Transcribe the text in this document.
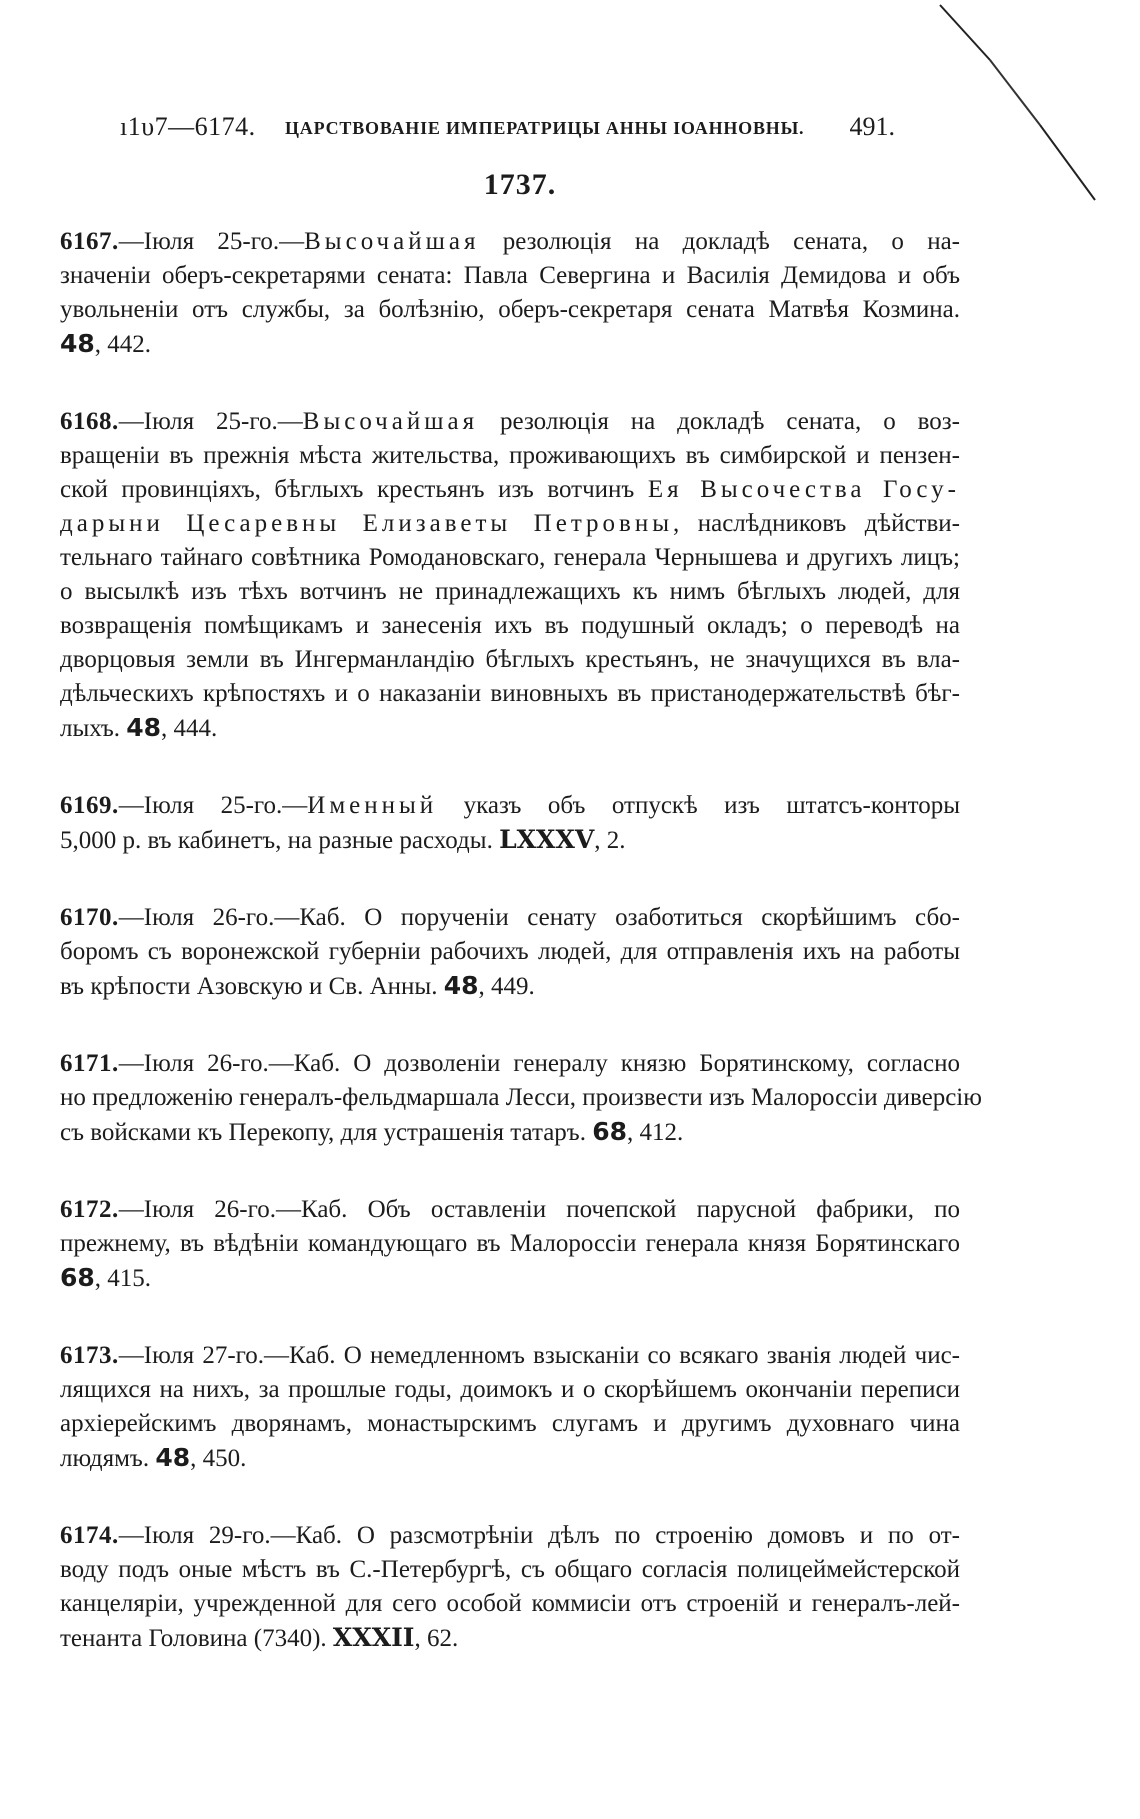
ı1υ7—6174. ЦАРСТВОВАНІЕ ИМПЕРАТРИЦЫ АННЫ ІОАННОВНЫ. 491.
1737.
6167.—Іюля 25-го.—Высочайшая резолюція на докладѣ сената, о на-
значеніи оберъ-секретарями сената: Павла Севергина и Василія Демидова и объ
увольненіи отъ службы, за болѣзнію, оберъ-секретаря сената Матвѣя Козмина.
48, 442.
6168.—Іюля 25-го.—Высочайшая резолюція на докладѣ сената, о воз-
вращеніи въ прежнія мѣста жительства, проживающихъ въ симбирской и пензен-
ской провинціяхъ, бѣглыхъ крестьянъ изъ вотчинъ Ея Высочества Госу-
дарыни Цесаревны Елизаветы Петровны, наслѣдниковъ дѣйстви-
тельнаго тайнаго совѣтника Ромодановскаго, генерала Чернышева и другихъ лицъ;
о высылкѣ изъ тѣхъ вотчинъ не принадлежащихъ къ нимъ бѣглыхъ людей, для
возвращенія помѣщикамъ и занесенія ихъ въ подушный окладъ; о переводѣ на
дворцовыя земли въ Ингерманландію бѣглыхъ крестьянъ, не значущихся въ вла-
дѣльческихъ крѣпостяхъ и о наказаніи виновныхъ въ пристанодержательствѣ бѣг-
лыхъ. 48, 444.
6169.—Іюля 25-го.—Именный указъ объ отпускѣ изъ штатсъ-конторы
5,000 р. въ кабинетъ, на разные расходы. LXXXV, 2.
6170.—Іюля 26-го.—Каб. О порученіи сенату озаботиться скорѣйшимъ сбо-
боромъ съ воронежской губерніи рабочихъ людей, для отправленія ихъ на работы
въ крѣпости Азовскую и Св. Анны. 48, 449.
6171.—Іюля 26-го.—Каб. О дозволеніи генералу князю Борятинскому, согласно
но предложенію генералъ-фельдмаршала Лесси, произвести изъ Малороссіи диверсію
съ войсками къ Перекопу, для устрашенія татаръ. 68, 412.
6172.—Іюля 26-го.—Каб. Объ оставленіи почепской парусной фабрики, по
прежнему, въ вѣдѣніи командующаго въ Малороссіи генерала князя Борятинскаго
68, 415.
6173.—Іюля 27-го.—Каб. О немедленномъ взысканіи со всякаго званія людей чис-
лящихся на нихъ, за прошлые годы, доимокъ и о скорѣйшемъ окончаніи переписи
архіерейскимъ дворянамъ, монастырскимъ слугамъ и другимъ духовнаго чина
людямъ. 48, 450.
6174.—Іюля 29-го.—Каб. О разсмотрѣніи дѣлъ по строенію домовъ и по от-
воду подъ оные мѣстъ въ С.-Петербургѣ, съ общаго согласія полицеймейстерской
канцеляріи, учрежденной для сего особой коммисіи отъ строеній и генералъ-лей-
тенанта Головина (7340). XXXII, 62.
